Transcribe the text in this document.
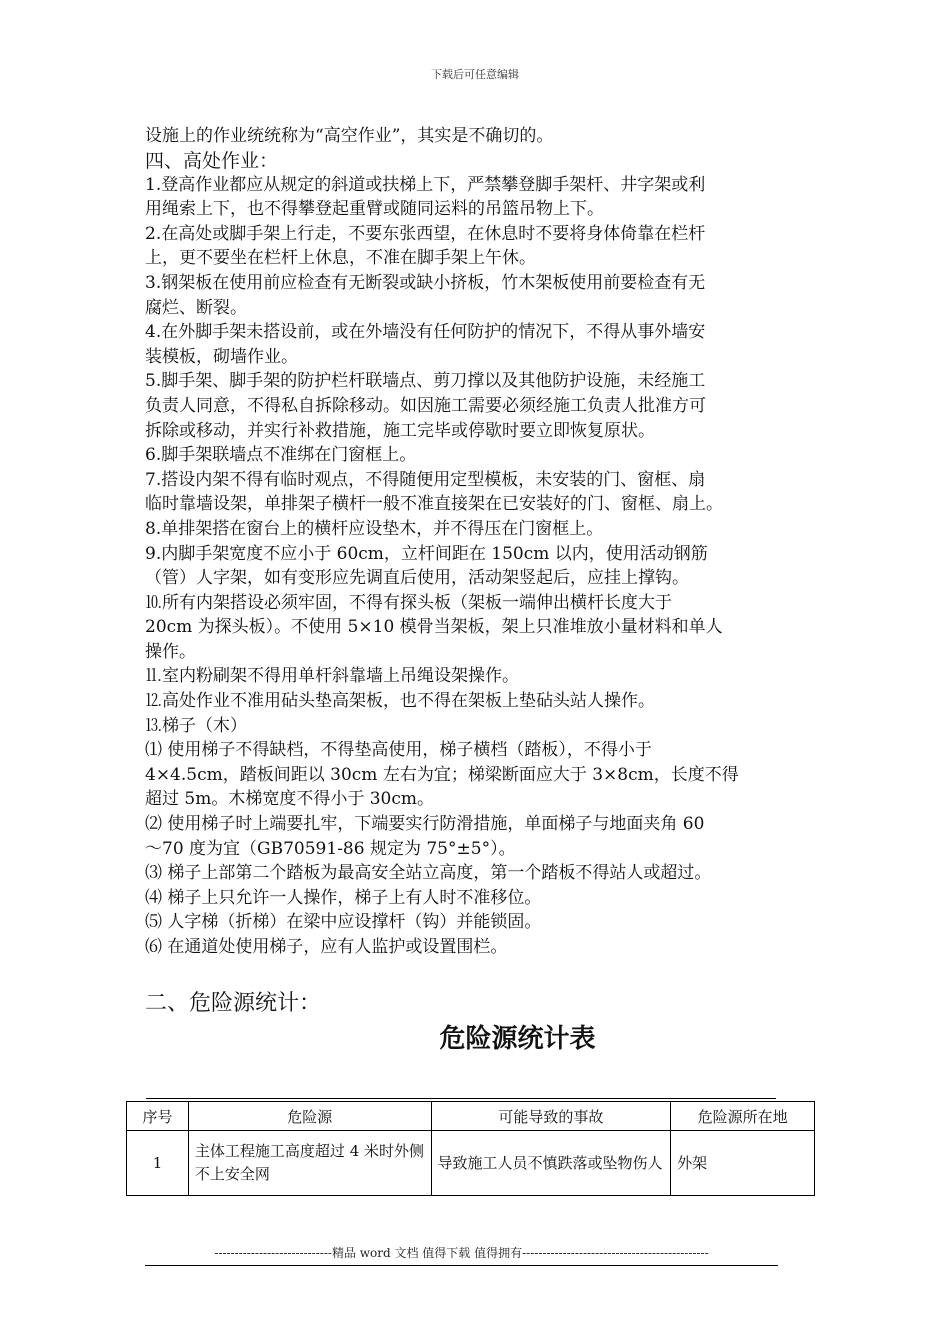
下载后可任意编辑

设施上的作业统统称为“高空作业”，其实是不确切的。

四、高处作业：

1.登高作业都应从规定的斜道或扶梯上下，严禁攀登脚手架杆、井字架或利

用绳索上下，也不得攀登起重臂或随同运料的吊篮吊物上下。

2.在高处或脚手架上行走，不要东张西望，在休息时不要将身体倚靠在栏杆

上，更不要坐在栏杆上休息，不准在脚手架上午休。

3.钢架板在使用前应检查有无断裂或缺小挤板，竹木架板使用前要检查有无

腐烂、断裂。

4.在外脚手架未搭设前，或在外墙没有任何防护的情况下，不得从事外墙安

装模板，砌墙作业。

5.脚手架、脚手架的防护栏杆联墙点、剪刀撑以及其他防护设施，未经施工

负责人同意，不得私自拆除移动。如因施工需要必须经施工负责人批准方可

拆除或移动，并实行补救措施，施工完毕或停歇时要立即恢复原状。

6.脚手架联墙点不准绑在门窗框上。

7.搭设内架不得有临时观点，不得随便用定型模板，未安装的门、窗框、扇

临时靠墙设架，单排架子横杆一般不准直接架在已安装好的门、窗框、扇上。

8.单排架搭在窗台上的横杆应设垫木，并不得压在门窗框上。

9.内脚手架宽度不应小于 60cm，立杆间距在 150cm 以内，使用活动钢筋

（管）人字架，如有变形应先调直后使用，活动架竖起后，应挂上撑钩。

⒑所有内架搭设必须牢固，不得有探头板（架板一端伸出横杆长度大于

20cm 为探头板）。不使用 5×10 模骨当架板，架上只准堆放小量材料和单人

操作。

⒒室内粉刷架不得用单杆斜靠墙上吊绳设架操作。

⒓高处作业不准用砧头垫高架板，也不得在架板上垫砧头站人操作。

⒔梯子（木）

⑴ 使用梯子不得缺档，不得垫高使用，梯子横档（踏板），不得小于

4×4.5cm，踏板间距以 30cm 左右为宜；梯梁断面应大于 3×8cm，长度不得

超过 5m。木梯宽度不得小于 30cm。

⑵ 使用梯子时上端要扎牢，下端要实行防滑措施，单面梯子与地面夹角 60

～70 度为宜（GB70591-86 规定为 75°±5°）。

⑶ 梯子上部第二个踏板为最高安全站立高度，第一个踏板不得站人或超过。

⑷ 梯子上只允许一人操作，梯子上有人时不准移位。

⑸ 人字梯（折梯）在梁中应设撑杆（钩）并能锁固。

⑹ 在通道处使用梯子，应有人监护或设置围栏。

二、危险源统计：
危险源统计表
序号	危险源	可能导致的事故	危险源所在地
1	主体工程施工高度超过 4 米时外侧不上安全网	导致施工人员不慎跌落或坠物伤人	外架
-----------------------------精品 word 文档 值得下载 值得拥有----------------------------------------------
